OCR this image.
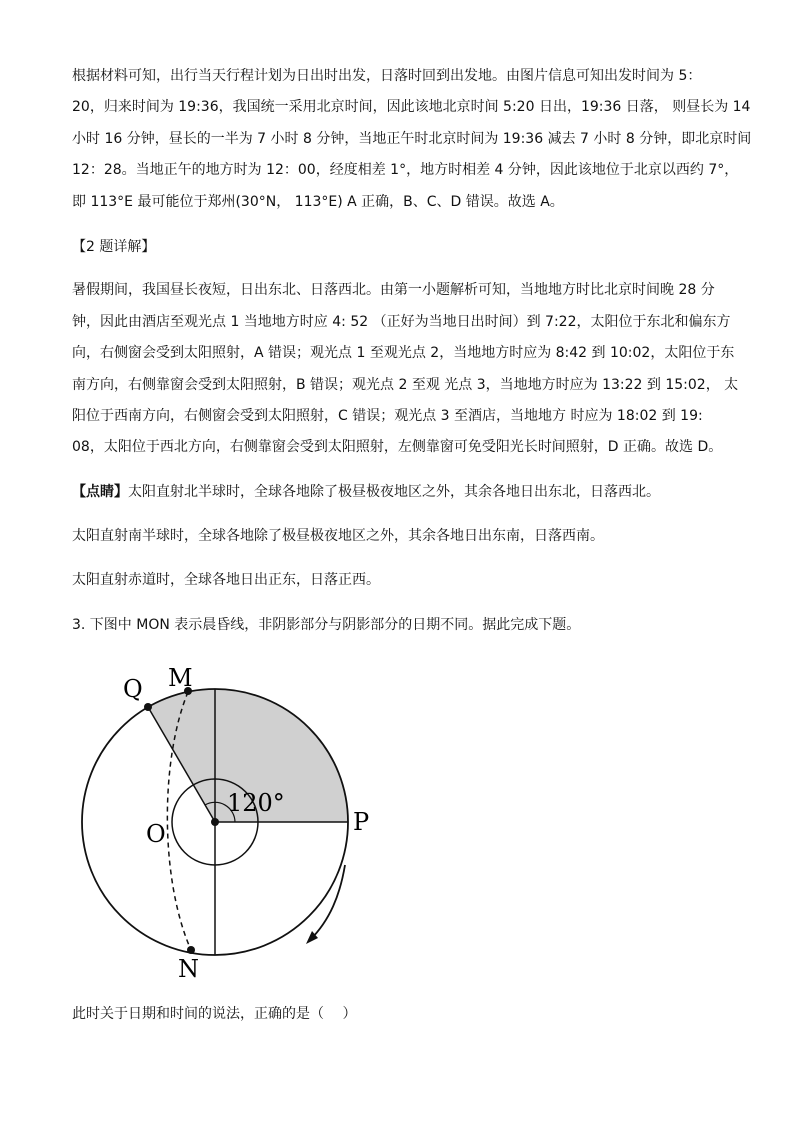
根据材料可知，出行当天行程计划为日出时出发，日落时回到出发地。由图片信息可知出发时间为 5：
20，归来时间为 19:36，我国统一采用北京时间，因此该地北京时间 5:20 日出，19:36 日落， 则昼长为 14
小时 16 分钟，昼长的一半为 7 小时 8 分钟，当地正午时北京时间为 19:36 减去 7 小时 8 分钟，即北京时间
12：28。当地正午的地方时为 12：00，经度相差 1°，地方时相差 4 分钟，因此该地位于北京以西约 7°，
即 113°E 最可能位于郑州(30°N， 113°E) A 正确，B、C、D 错误。故选 A。
【2 题详解】
暑假期间，我国昼长夜短，日出东北、日落西北。由第一小题解析可知，当地地方时比北京时间晚 28 分
钟，因此由酒店至观光点 1 当地地方时应 4: 52 （正好为当地日出时间）到 7:22，太阳位于东北和偏东方
向，右侧窗会受到太阳照射，A 错误；观光点 1 至观光点 2，当地地方时应为 8:42 到 10:02，太阳位于东
南方向，右侧靠窗会受到太阳照射，B 错误；观光点 2 至观 光点 3，当地地方时应为 13:22 到 15:02， 太
阳位于西南方向，右侧窗会受到太阳照射，C 错误；观光点 3 至酒店，当地地方 时应为 18:02 到 19:
08，太阳位于西北方向，右侧靠窗会受到太阳照射，左侧靠窗可免受阳光长时间照射，D 正确。故选 D。
【点睛】太阳直射北半球时，全球各地除了极昼极夜地区之外，其余各地日出东北，日落西北。
太阳直射南半球时，全球各地除了极昼极夜地区之外，其余各地日出东南，日落西南。
太阳直射赤道时，全球各地日出正东，日落正西。
3. 下图中 MON 表示晨昏线，非阴影部分与阴影部分的日期不同。据此完成下题。
Q M
O	P
N
120°
此时关于日期和时间的说法，正确的是（　 ）
